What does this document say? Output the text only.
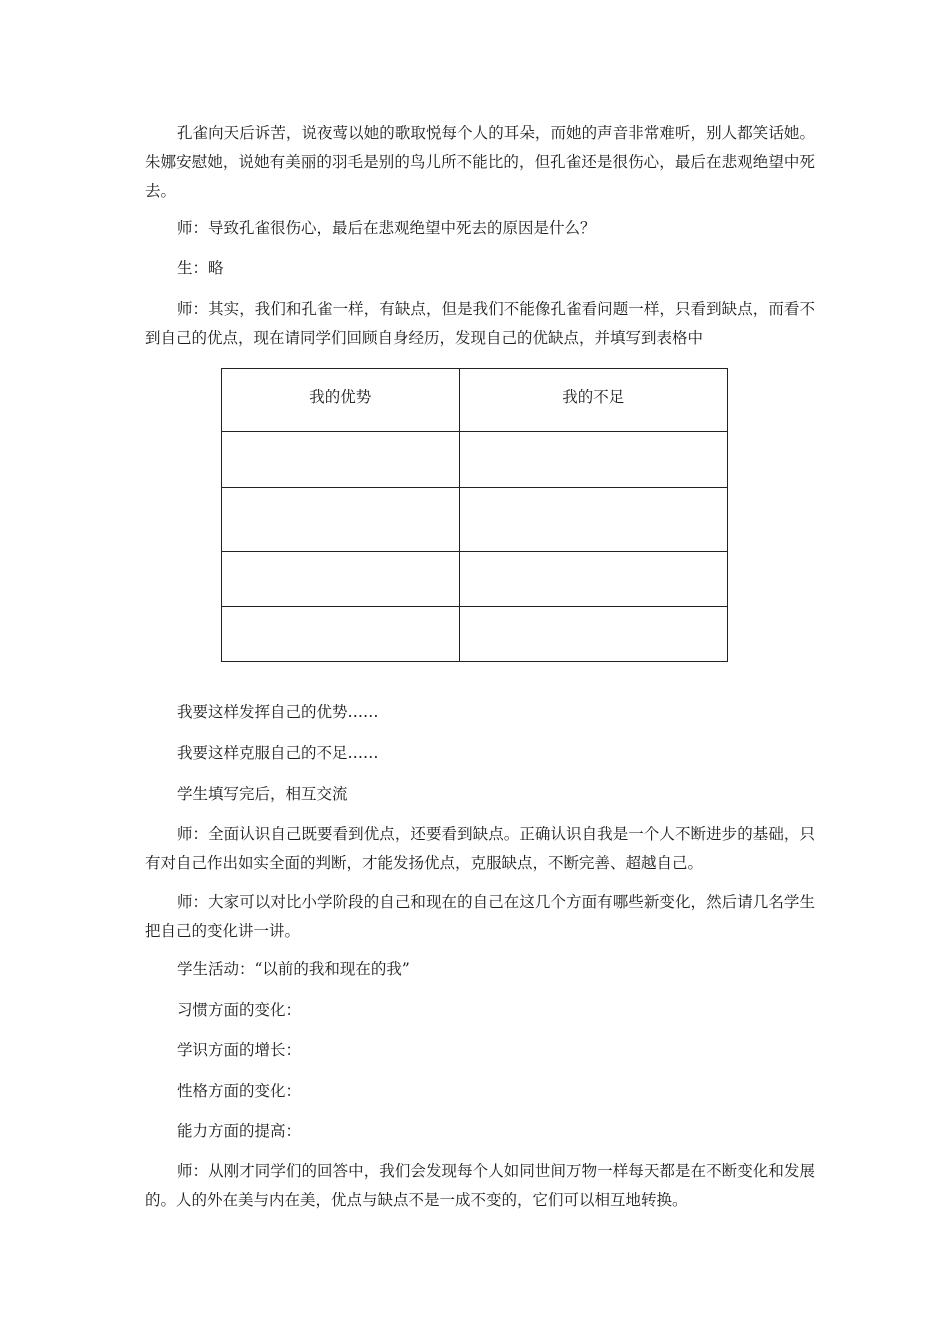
孔雀向天后诉苦，说夜莺以她的歌取悦每个人的耳朵，而她的声音非常难听，别人都笑话她。朱娜安慰她，说她有美丽的羽毛是别的鸟儿所不能比的，但孔雀还是很伤心，最后在悲观绝望中死去。

师：导致孔雀很伤心，最后在悲观绝望中死去的原因是什么？

生：略

师：其实，我们和孔雀一样，有缺点，但是我们不能像孔雀看问题一样，只看到缺点，而看不到自己的优点，现在请同学们回顾自身经历，发现自己的优缺点，并填写到表格中

我的优势	我的不足

我要这样发挥自己的优势……

我要这样克服自己的不足……

学生填写完后，相互交流

师：全面认识自己既要看到优点，还要看到缺点。正确认识自我是一个人不断进步的基础，只有对自己作出如实全面的判断，才能发扬优点，克服缺点，不断完善、超越自己。

师：大家可以对比小学阶段的自己和现在的自己在这几个方面有哪些新变化，然后请几名学生把自己的变化讲一讲。

学生活动：“以前的我和现在的我”

习惯方面的变化：

学识方面的增长：

性格方面的变化：

能力方面的提高：

师：从刚才同学们的回答中，我们会发现每个人如同世间万物一样每天都是在不断变化和发展的。人的外在美与内在美，优点与缺点不是一成不变的，它们可以相互地转换。
